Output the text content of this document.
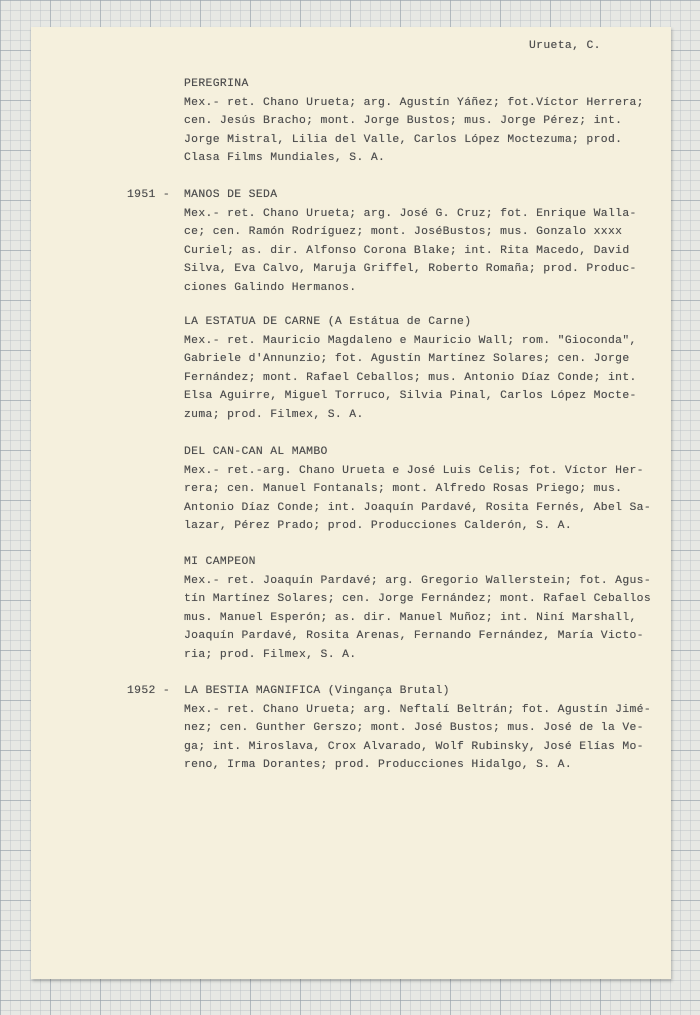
Urueta, C.
PEREGRINA
Mex.- ret. Chano Urueta; arg. Agustín Yáñez; fot.Víctor Herrera;
cen. Jesús Bracho; mont. Jorge Bustos; mus. Jorge Pérez; int.
Jorge Mistral, Lilia del Valle, Carlos López Moctezuma; prod.
Clasa Films Mundiales, S. A.
1951 - MANOS DE SEDA
Mex.- ret. Chano Urueta; arg. José G. Cruz; fot. Enrique Walla-
ce; cen. Ramón Rodríguez; mont. JoséBustos; mus. Gonzalo xxxx
Curiel; as. dir. Alfonso Corona Blake; int. Rita Macedo, David
Silva, Eva Calvo, Maruja Griffel, Roberto Romaña; prod. Produc-
ciones Galindo Hermanos.
LA ESTATUA DE CARNE (A Estátua de Carne)
Mex.- ret. Mauricio Magdaleno e Mauricio Wall; rom. "Gioconda",
Gabriele d'Annunzio; fot. Agustín Martínez Solares; cen. Jorge
Fernández; mont. Rafael Ceballos; mus. Antonio Díaz Conde; int.
Elsa Aguirre, Miguel Torruco, Silvia Pinal, Carlos López Mocte-
zuma; prod. Filmex, S. A.
DEL CAN-CAN AL MAMBO
Mex.- ret.-arg. Chano Urueta e José Luis Celis; fot. Víctor Her-
rera; cen. Manuel Fontanals; mont. Alfredo Rosas Priego; mus.
Antonio Díaz Conde; int. Joaquín Pardavé, Rosita Fernés, Abel Sa-
lazar, Pérez Prado; prod. Producciones Calderón, S. A.
MI CAMPEON
Mex.- ret. Joaquín Pardavé; arg. Gregorio Wallerstein; fot. Agus-
tín Martínez Solares; cen. Jorge Fernández; mont. Rafael Ceballos
mus. Manuel Esperón; as. dir. Manuel Muñoz; int. Niní Marshall,
Joaquín Pardavé, Rosita Arenas, Fernando Fernández, María Victo-
ria; prod. Filmex, S. A.
1952 - LA BESTIA MAGNIFICA (Vingança Brutal)
Mex.- ret. Chano Urueta; arg. Neftalí Beltrán; fot. Agustín Jimé-
nez; cen. Gunther Gerszo; mont. José Bustos; mus. José de la Ve-
ga; int. Miroslava, Crox Alvarado, Wolf Rubinsky, José Elías Mo-
reno, Irma Dorantes; prod. Producciones Hidalgo, S. A.
